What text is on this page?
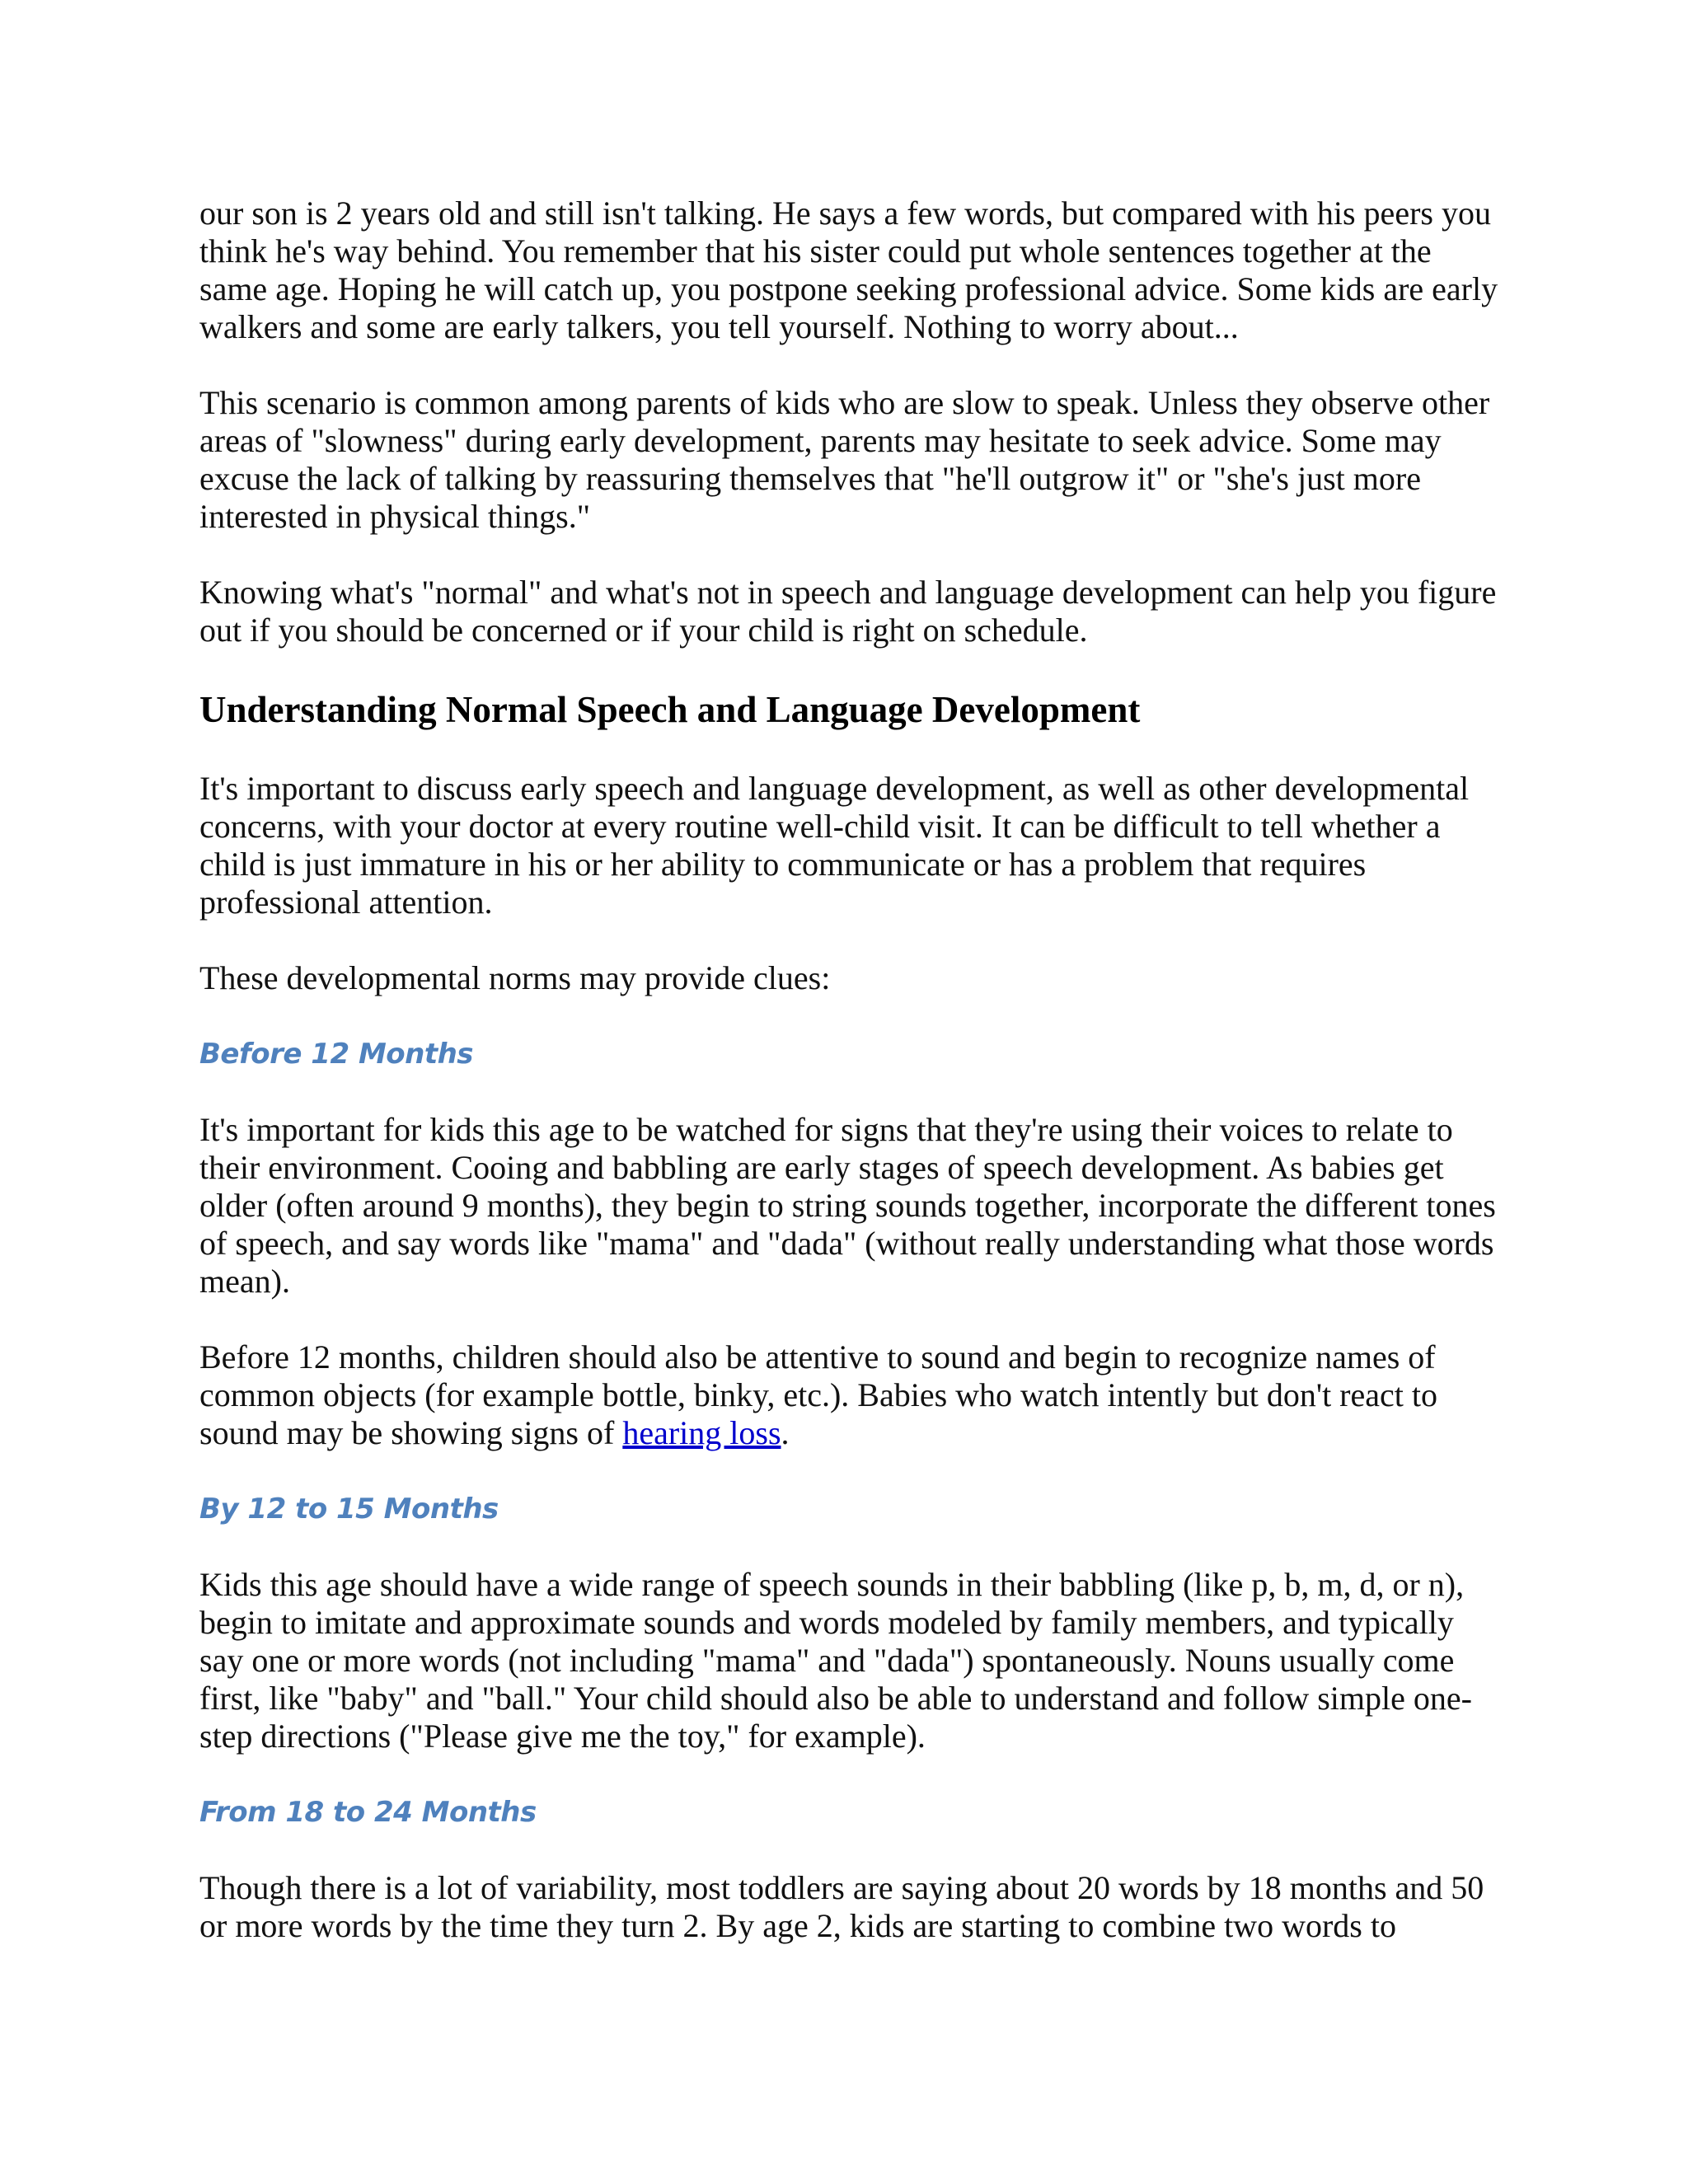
our son is 2 years old and still isn't talking. He says a few words, but compared with his peers you think he's way behind. You remember that his sister could put whole sentences together at the same age. Hoping he will catch up, you postpone seeking professional advice. Some kids are early walkers and some are early talkers, you tell yourself. Nothing to worry about...

This scenario is common among parents of kids who are slow to speak. Unless they observe other areas of "slowness" during early development, parents may hesitate to seek advice. Some may excuse the lack of talking by reassuring themselves that "he'll outgrow it" or "she's just more interested in physical things."

Knowing what's "normal" and what's not in speech and language development can help you figure out if you should be concerned or if your child is right on schedule.

Understanding Normal Speech and Language Development

It's important to discuss early speech and language development, as well as other developmental concerns, with your doctor at every routine well-child visit. It can be difficult to tell whether a child is just immature in his or her ability to communicate or has a problem that requires professional attention.

These developmental norms may provide clues:

Before 12 Months

It's important for kids this age to be watched for signs that they're using their voices to relate to their environment. Cooing and babbling are early stages of speech development. As babies get older (often around 9 months), they begin to string sounds together, incorporate the different tones of speech, and say words like "mama" and "dada" (without really understanding what those words mean).

Before 12 months, children should also be attentive to sound and begin to recognize names of common objects (for example bottle, binky, etc.). Babies who watch intently but don't react to sound may be showing signs of hearing loss.

By 12 to 15 Months

Kids this age should have a wide range of speech sounds in their babbling (like p, b, m, d, or n), begin to imitate and approximate sounds and words modeled by family members, and typically say one or more words (not including "mama" and "dada") spontaneously. Nouns usually come first, like "baby" and "ball." Your child should also be able to understand and follow simple one-step directions ("Please give me the toy," for example).

From 18 to 24 Months

Though there is a lot of variability, most toddlers are saying about 20 words by 18 months and 50 or more words by the time they turn 2. By age 2, kids are starting to combine two words to
